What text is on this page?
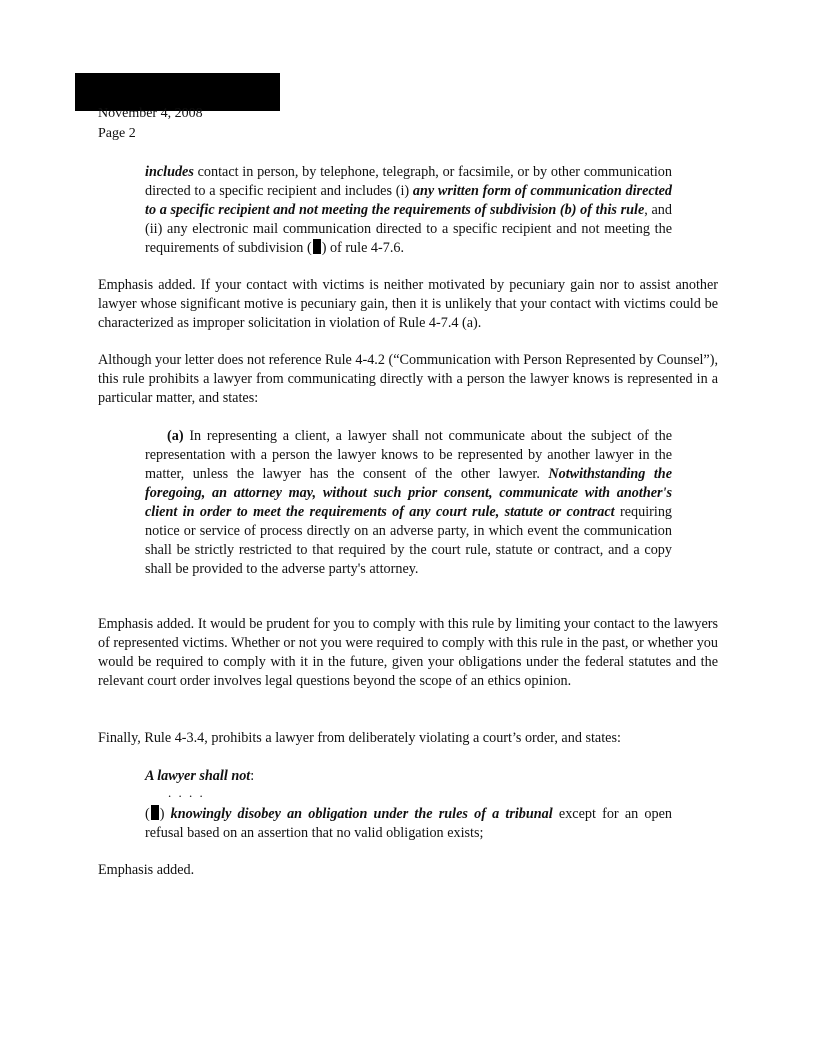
November 4, 2008
Page 2
includes contact in person, by telephone, telegraph, or facsimile, or by other communication directed to a specific recipient and includes (i) any written form of communication directed to a specific recipient and not meeting the requirements of subdivision (b) of this rule, and (ii) any electronic mail communication directed to a specific recipient and not meeting the requirements of subdivision ( ) of rule 4-7.6.
Emphasis added. If your contact with victims is neither motivated by pecuniary gain nor to assist another lawyer whose significant motive is pecuniary gain, then it is unlikely that your contact with victims could be characterized as improper solicitation in violation of Rule 4-7.4 (a).
Although your letter does not reference Rule 4-4.2 (“Communication with Person Represented by Counsel”), this rule prohibits a lawyer from communicating directly with a person the lawyer knows is represented in a particular matter, and states:
(a) In representing a client, a lawyer shall not communicate about the subject of the representation with a person the lawyer knows to be represented by another lawyer in the matter, unless the lawyer has the consent of the other lawyer. Notwithstanding the foregoing, an attorney may, without such prior consent, communicate with another's client in order to meet the requirements of any court rule, statute or contract requiring notice or service of process directly on an adverse party, in which event the communication shall be strictly restricted to that required by the court rule, statute or contract, and a copy shall be provided to the adverse party's attorney.
Emphasis added. It would be prudent for you to comply with this rule by limiting your contact to the lawyers of represented victims. Whether or not you were required to comply with this rule in the past, or whether you would be required to comply with it in the future, given your obligations under the federal statutes and the relevant court order involves legal questions beyond the scope of an ethics opinion.
Finally, Rule 4-3.4, prohibits a lawyer from deliberately violating a court’s order, and states:
A lawyer shall not:
. . . .
( ) knowingly disobey an obligation under the rules of a tribunal except for an open refusal based on an assertion that no valid obligation exists;
Emphasis added.
